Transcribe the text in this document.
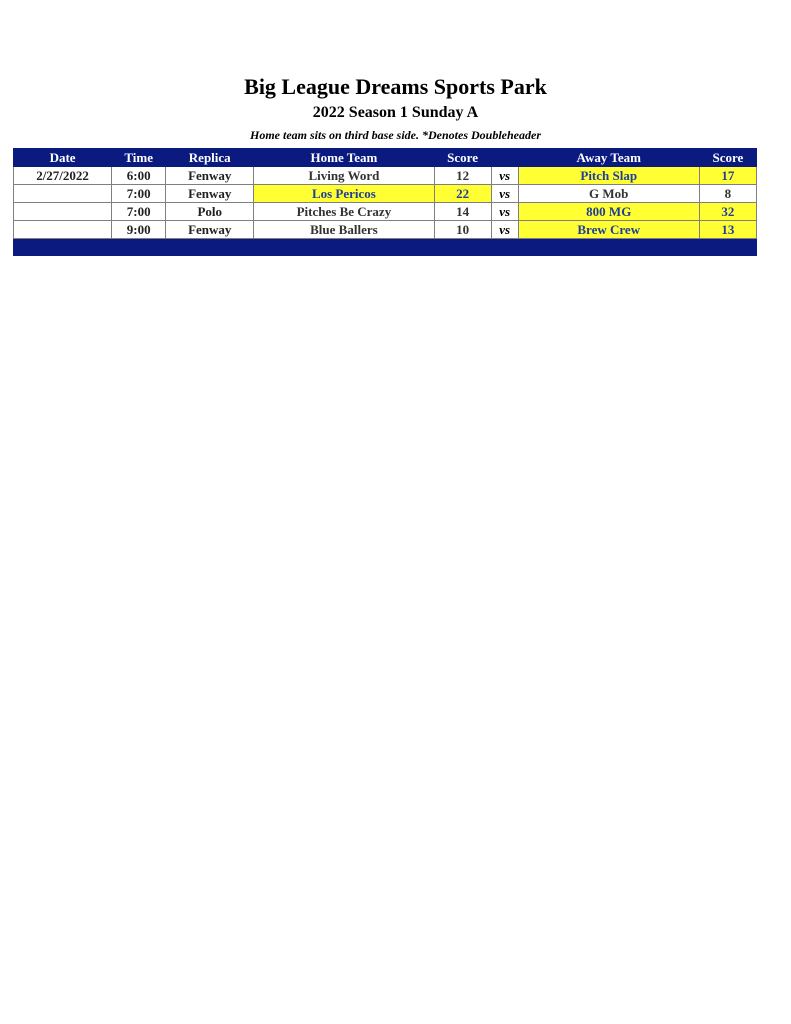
Big League Dreams Sports Park
2022 Season 1 Sunday A
Home team sits on third base side. *Denotes Doubleheader
Date	Time	Replica	Home Team	Score		Away Team	Score
2/27/2022	6:00	Fenway	Living Word	12	vs	Pitch Slap	17
	7:00	Fenway	Los Pericos	22	vs	G Mob	8
	7:00	Polo	Pitches Be Crazy	14	vs	800 MG	32
	9:00	Fenway	Blue Ballers	10	vs	Brew Crew	13
